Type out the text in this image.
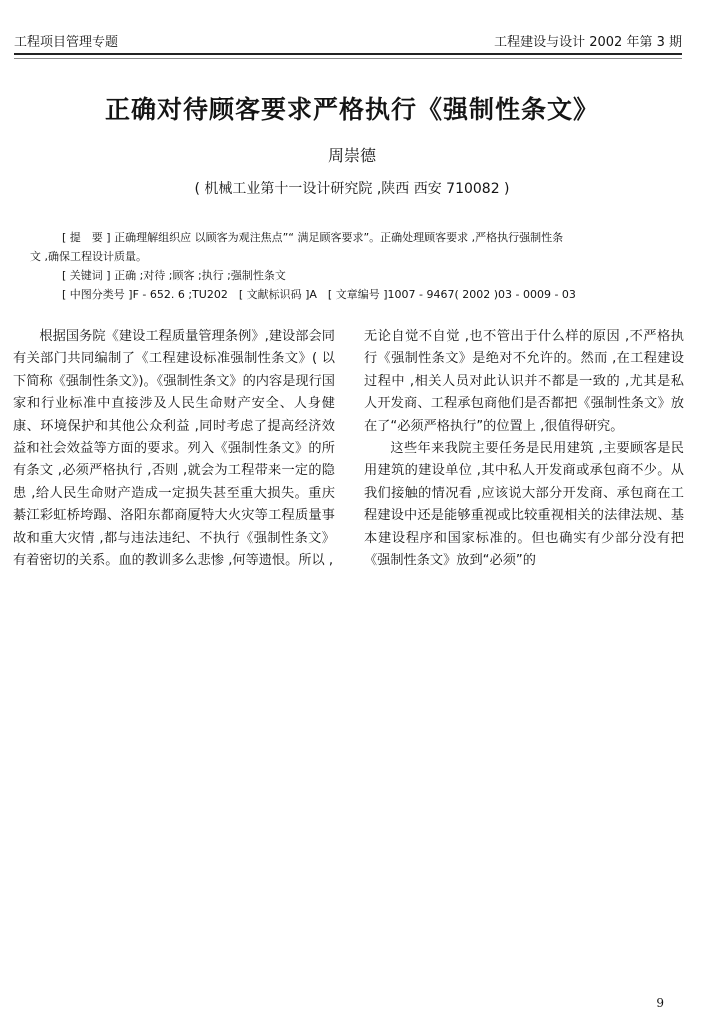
工程项目管理专题	工程建设与设计 2002 年第 3 期
正确对待顾客要求严格执行《强制性条文》
周崇德
( 机械工业第十一设计研究院 ,陕西 西安 710082 )

[ 提　要 ] 正确理解组织应 以顾客为观注焦点”“ 满足顾客要求”。正确处理顾客要求 ,严格执行强制性条

文 ,确保工程设计质量。

[ 关键词 ] 正确 ;对待 ;顾客 ;执行 ;强制性条文

[ 中图分类号 ]F - 652. 6 ;TU202　[ 文献标识码 ]A　[ 文章编号 ]1007 - 9467( 2002 )03 - 0009 - 03

根据国务院《建设工程质量管理条例》,建设部会同有关部门共同编制了《工程建设标准强制性条文》( 以下简称《强制性条文》)。《强制性条文》的内容是现行国家和行业标准中直接涉及人民生命财产安全、人身健康、环境保护和其他公众利益 ,同时考虑了提高经济效益和社会效益等方面的要求。列入《强制性条文》的所有条文 ,必须严格执行 ,否则 ,就会为工程带来一定的隐患 ,给人民生命财产造成一定损失甚至重大损失。重庆綦江彩虹桥垮蹋、洛阳东都商厦特大火灾等工程质量事故和重大灾情 ,都与违法违纪、不执行《强制性条文》有着密切的关系。血的教训多么悲惨 ,何等遗恨。所以 ,

无论自觉不自觉 ,也不管出于什么样的原因 ,不严格执行《强制性条文》是绝对不允许的。然而 ,在工程建设过程中 ,相关人员对此认识并不都是一致的 ,尤其是私人开发商、工程承包商他们是否都把《强制性条文》放在了“必须严格执行”的位置上 ,很值得研究。

这些年来我院主要任务是民用建筑 ,主要顾客是民用建筑的建设单位 ,其中私人开发商或承包商不少。从我们接触的情况看 ,应该说大部分开发商、承包商在工程建设中还是能够重视或比较重视相关的法律法规、基本建设程序和国家标准的。但也确实有少部分没有把《强制性条文》放到“必须”的

9
